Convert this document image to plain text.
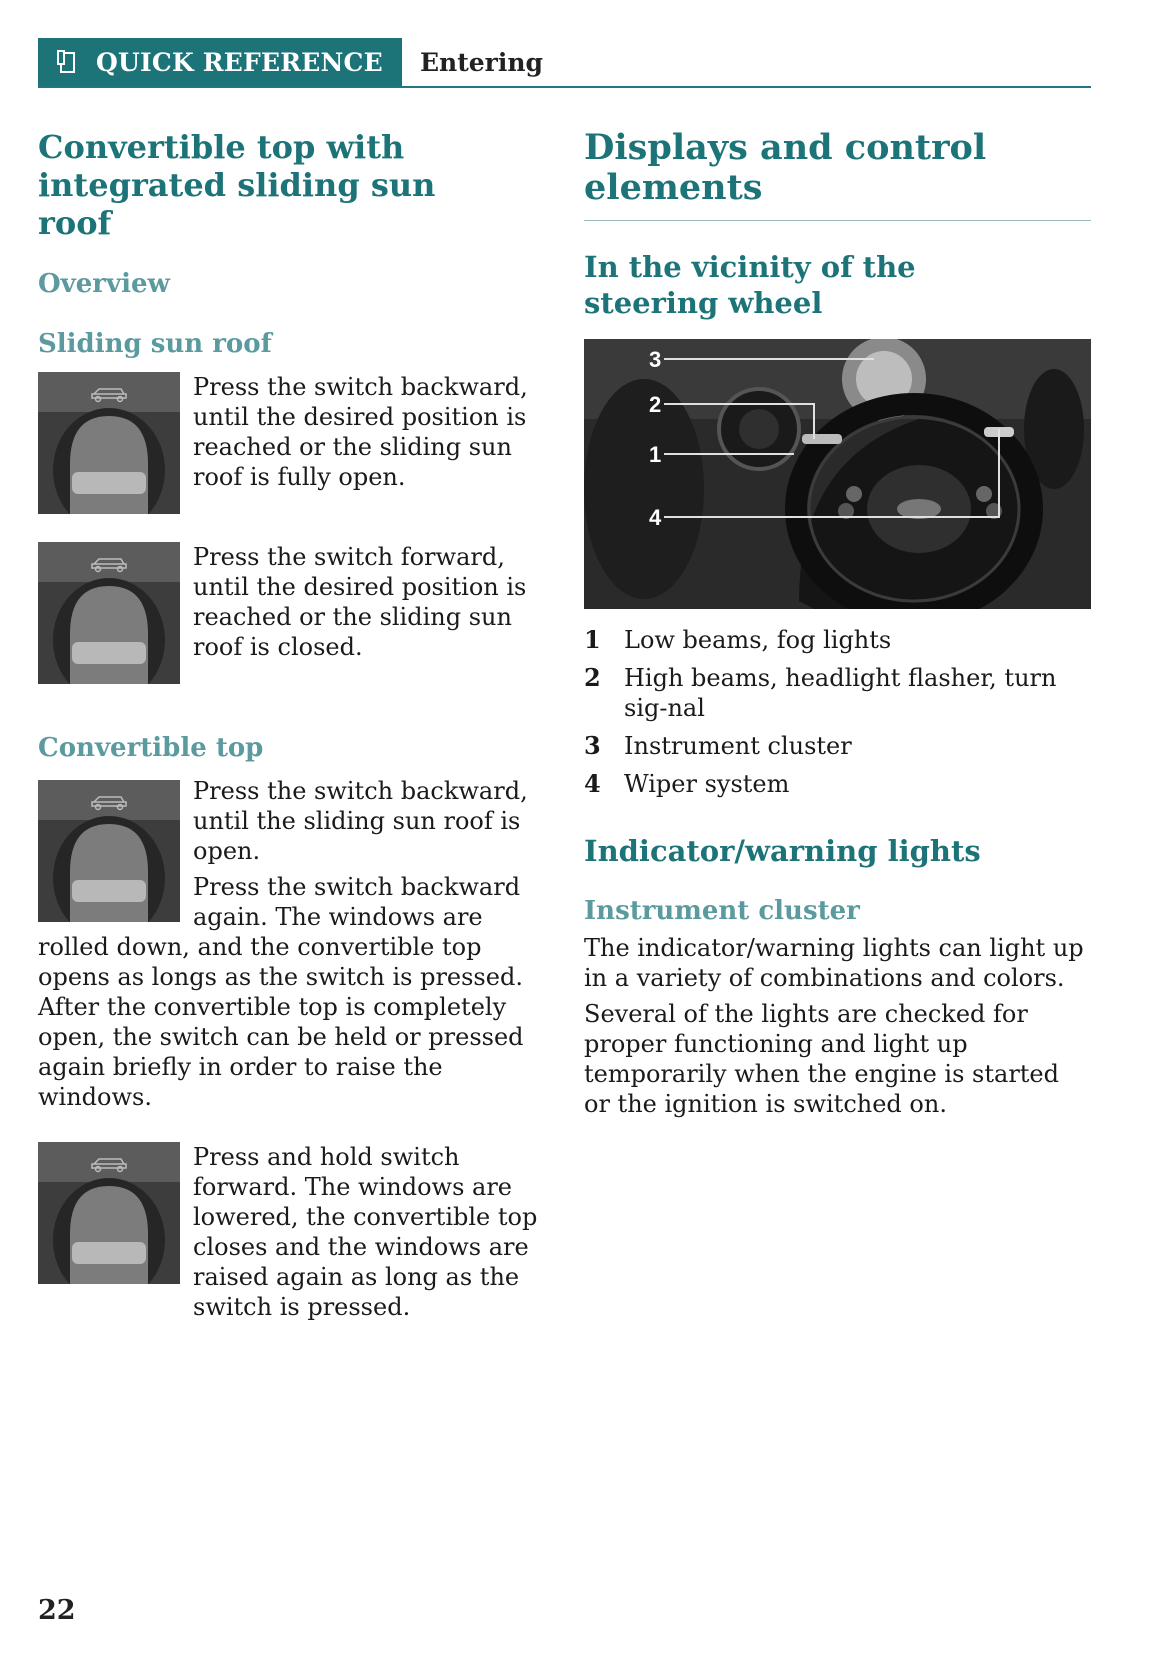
QUICK REFERENCE Entering
Convertible top with integrated sliding sun roof
Overview
Sliding sun roof

Press the switch backward, until the desired position is reached or the sliding sun roof is fully open.

Press the switch forward, until the desired position is reached or the sliding sun roof is closed.

Convertible top

Press the switch backward, until the sliding sun roof is open.

Press the switch backward again. The windows are rolled down, and the convertible top opens as longs as the switch is pressed. After the convertible top is completely open, the switch can be held or pressed again briefly in order to raise the windows.

Press and hold switch forward. The windows are lowered, the convertible top closes and the windows are raised again as long as the switch is pressed.

Displays and control elements
In the vicinity of the steering wheel
3
2
1
4
1 Low beams, fog lights
2 High beams, headlight flasher, turn sig-nal
3 Instrument cluster
4 Wiper system
Indicator/warning lights
Instrument cluster

The indicator/warning lights can light up in a variety of combinations and colors.

Several of the lights are checked for proper functioning and light up temporarily when the engine is started or the ignition is switched on.

22
